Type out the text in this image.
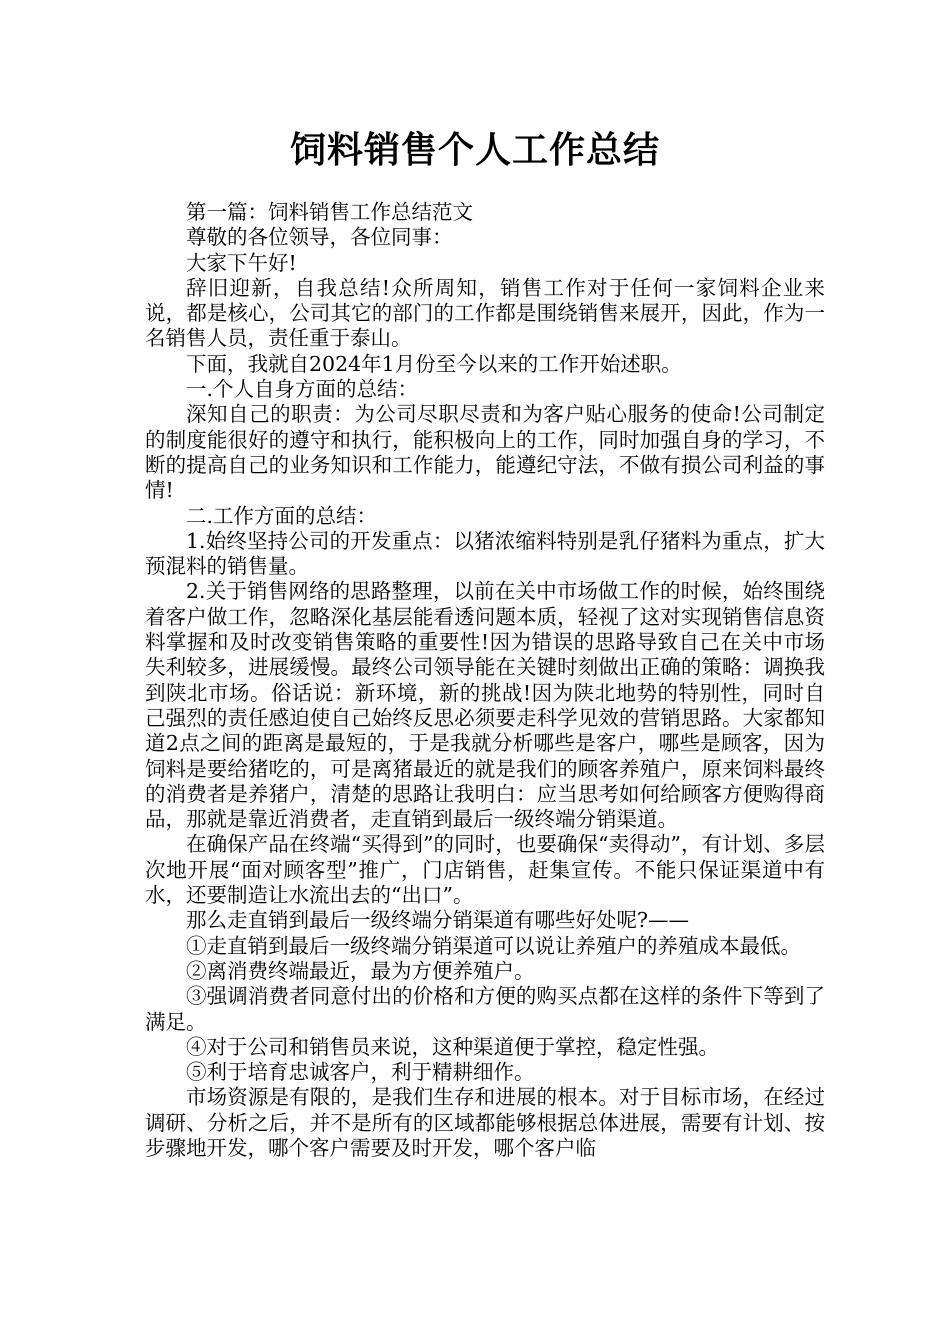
饲料销售个人工作总结

第一篇：饲料销售工作总结范文

尊敬的各位领导，各位同事：

大家下午好!

辞旧迎新，自我总结!众所周知，销售工作对于任何一家饲料企业来说，都是核心，公司其它的部门的工作都是围绕销售来展开，因此，作为一名销售人员，责任重于泰山。

下面，我就自2024年1月份至今以来的工作开始述职。

一.个人自身方面的总结：

深知自己的职责：为公司尽职尽责和为客户贴心服务的使命!公司制定的制度能很好的遵守和执行，能积极向上的工作，同时加强自身的学习，不断的提高自己的业务知识和工作能力，能遵纪守法，不做有损公司利益的事情!

二.工作方面的总结：

1.始终坚持公司的开发重点：以猪浓缩料特别是乳仔猪料为重点，扩大预混料的销售量。

2.关于销售网络的思路整理，以前在关中市场做工作的时候，始终围绕着客户做工作，忽略深化基层能看透问题本质，轻视了这对实现销售信息资料掌握和及时改变销售策略的重要性!因为错误的思路导致自己在关中市场失利较多，进展缓慢。最终公司领导能在关键时刻做出正确的策略：调换我到陕北市场。俗话说：新环境，新的挑战!因为陕北地势的特别性，同时自己强烈的责任感迫使自己始终反思必须要走科学见效的营销思路。大家都知道2点之间的距离是最短的，于是我就分析哪些是客户，哪些是顾客，因为饲料是要给猪吃的，可是离猪最近的就是我们的顾客养殖户，原来饲料最终的消费者是养猪户，清楚的思路让我明白：应当思考如何给顾客方便购得商品，那就是靠近消费者，走直销到最后一级终端分销渠道。

在确保产品在终端“买得到”的同时，也要确保“卖得动”，有计划、多层次地开展“面对顾客型”推广，门店销售，赶集宣传。不能只保证渠道中有水，还要制造让水流出去的“出口”。

那么走直销到最后一级终端分销渠道有哪些好处呢?——

①走直销到最后一级终端分销渠道可以说让养殖户的养殖成本最低。

②离消费终端最近，最为方便养殖户。

③强调消费者同意付出的价格和方便的购买点都在这样的条件下等到了满足。

④对于公司和销售员来说，这种渠道便于掌控，稳定性强。

⑤利于培育忠诚客户，利于精耕细作。

市场资源是有限的，是我们生存和进展的根本。对于目标市场，在经过调研、分析之后，并不是所有的区域都能够根据总体进展，需要有计划、按步骤地开发，哪个客户需要及时开发，哪个客户临
